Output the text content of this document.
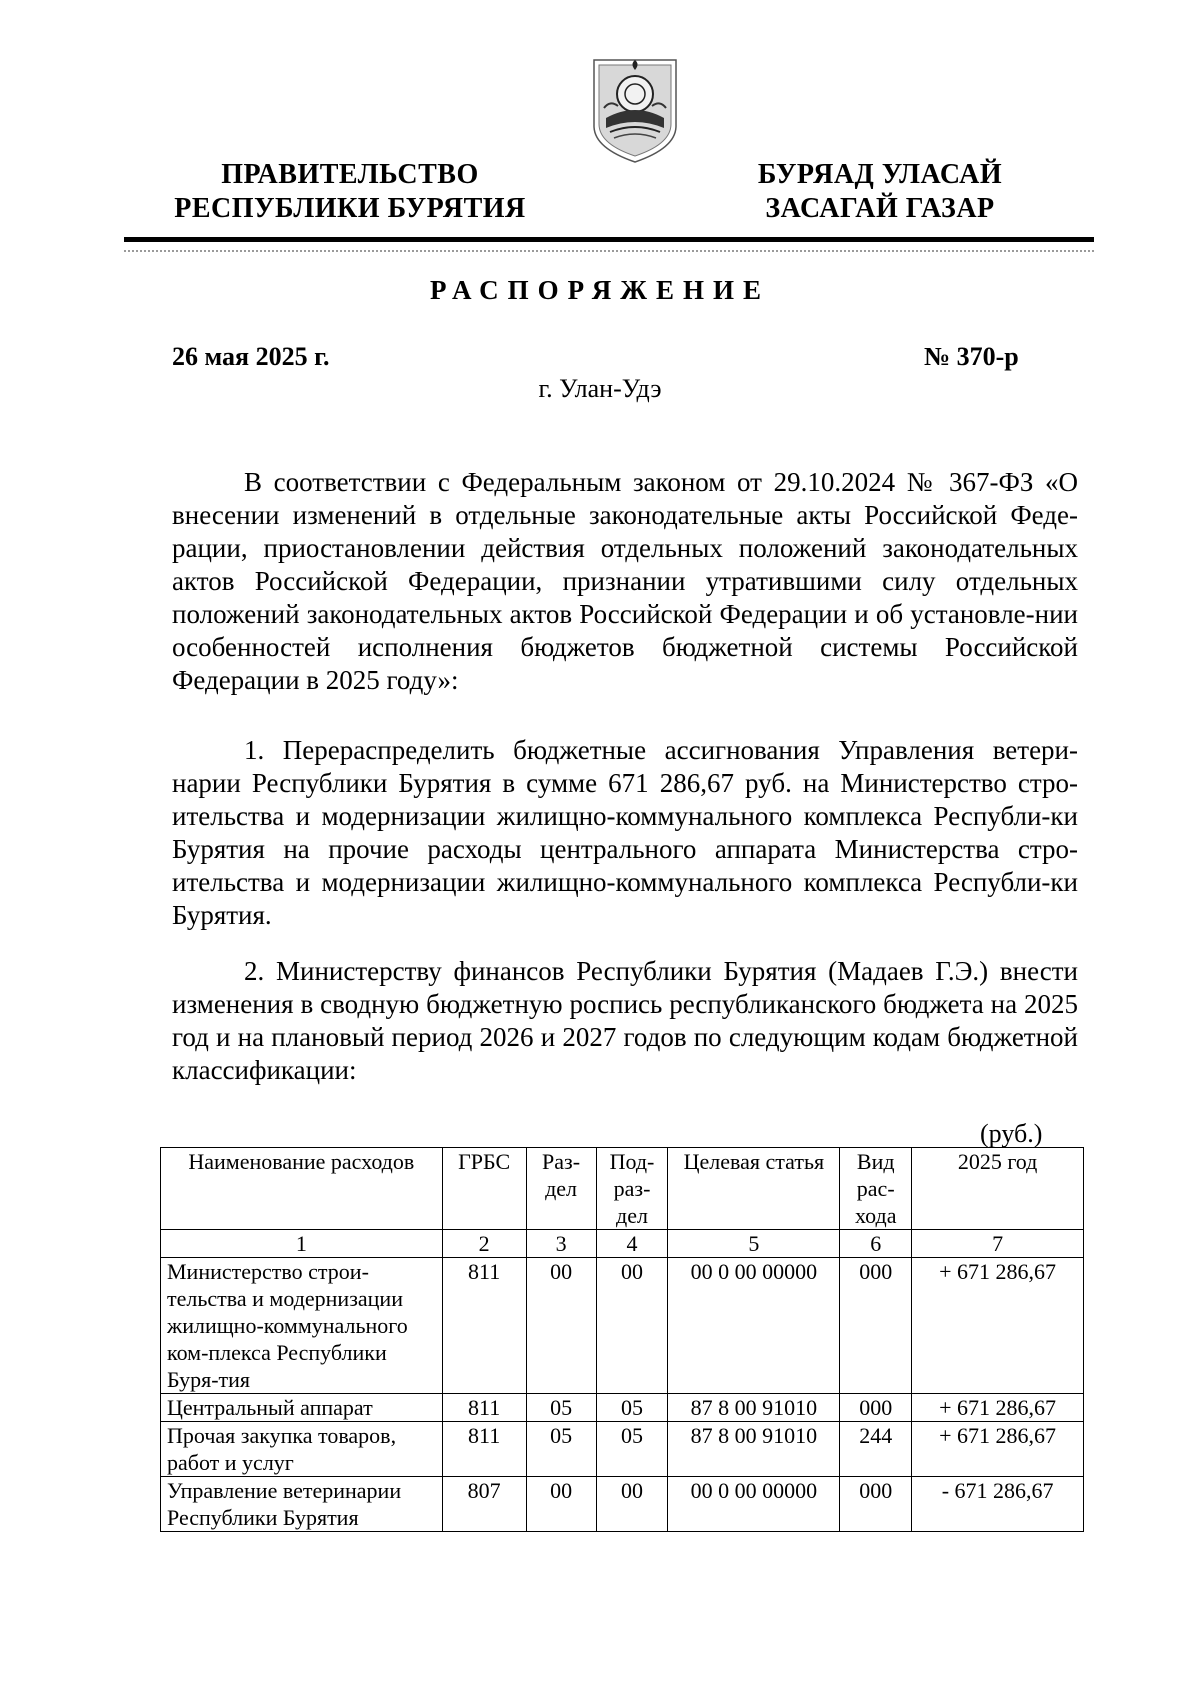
ПРАВИТЕЛЬСТВО
РЕСПУБЛИКИ БУРЯТИЯ
БУРЯАД УЛАСАЙ
ЗАСАГАЙ ГАЗАР
РАСПОРЯЖЕНИЕ
26 мая 2025 г.	№ 370-р
г. Улан-Удэ

В соответствии с Федеральным законом от 29.10.2024 № 367-ФЗ «О внесении изменений в отдельные законодательные акты Российской Феде-рации, приостановлении действия отдельных положений законодательных актов Российской Федерации, признании утратившими силу отдельных положений законодательных актов Российской Федерации и об установле-нии особенностей исполнения бюджетов бюджетной системы Российской Федерации в 2025 году»:

1. Перераспределить бюджетные ассигнования Управления ветери-нарии Республики Бурятия в сумме 671 286,67 руб. на Министерство стро-ительства и модернизации жилищно-коммунального комплекса Республи-ки Бурятия на прочие расходы центрального аппарата Министерства стро-ительства и модернизации жилищно-коммунального комплекса Республи-ки Бурятия.

2. Министерству финансов Республики Бурятия (Мадаев Г.Э.) внести изменения в сводную бюджетную роспись республиканского бюджета на 2025 год и на плановый период 2026 и 2027 годов по следующим кодам бюджетной классификации:

(руб.)
Наименование расходов	ГРБС	Раз-дел	Под-раз-дел	Целевая статья	Вид рас-хода	2025 год
1	2	3	4	5	6	7
Министерство строи-тельства и модернизации жилищно-коммунального ком-плекса Республики Буря-тия	811	00	00	00 0 00 00000	000	+ 671 286,67
Центральный аппарат	811	05	05	87 8 00 91010	000	+ 671 286,67
Прочая закупка товаров, работ и услуг	811	05	05	87 8 00 91010	244	+ 671 286,67
Управление ветеринарии Республики Бурятия	807	00	00	00 0 00 00000	000	- 671 286,67
